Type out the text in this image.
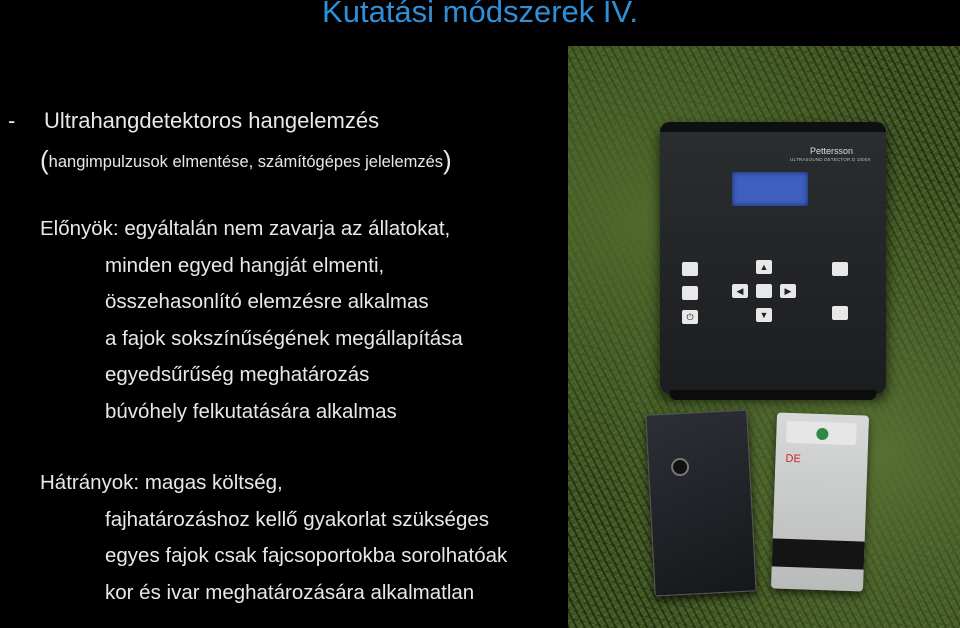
Kutatási módszerek IV.
- Ultrahangdetektoros hangelemzés
(hangimpulzusok elmentése, számítógépes jelelemzés)
Előnyök: egyáltalán nem zavarja az állatokat,
minden egyed hangját elmenti,
összehasonlító elemzésre alkalmas
a fajok sokszínűségének megállapítása
egyedsűrűség meghatározás
búvóhely felkutatására alkalmas
Pettersson
ULTRASOUND DETECTOR D 1000X
⏻
▲
◀	▶
▼
DE
Hátrányok: magas költség,
fajhatározáshoz kellő gyakorlat szükséges
egyes fajok csak fajcsoportokba sorolhatóak
kor és ivar meghatározására alkalmatlan
